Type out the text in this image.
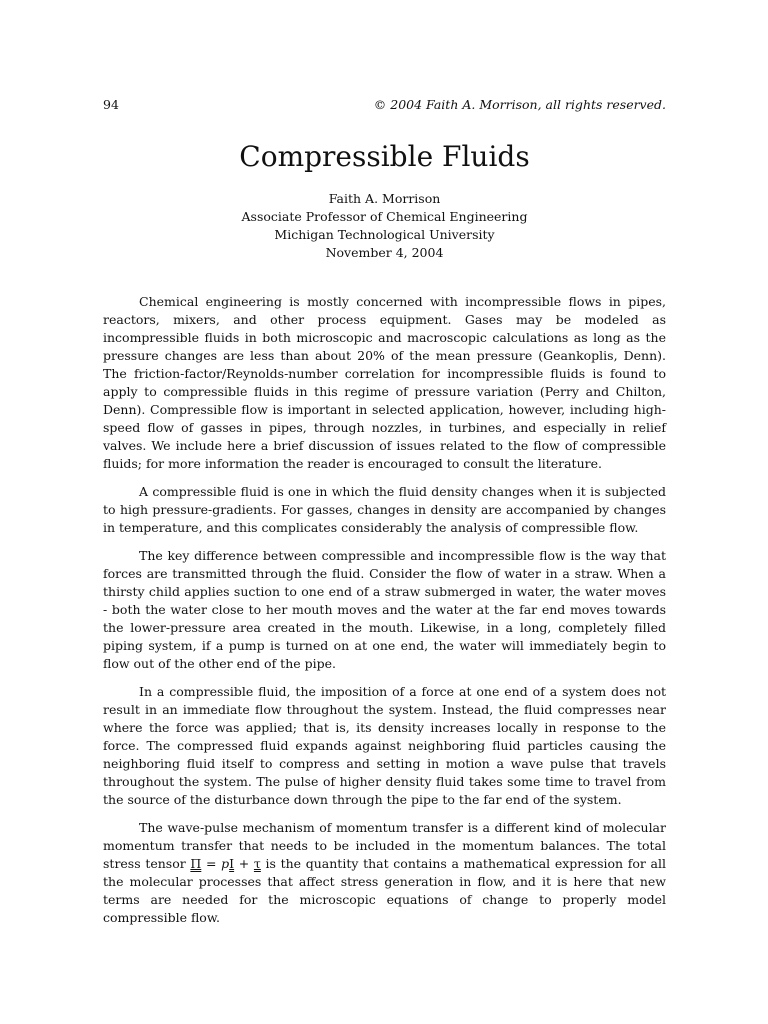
94	© 2004 Faith A. Morrison, all rights reserved.
Compressible Fluids
Faith A. Morrison
Associate Professor of Chemical Engineering
Michigan Technological University
November 4, 2004

Chemical engineering is mostly concerned with incompressible flows in pipes, reactors, mixers, and other process equipment. Gases may be modeled as incompressible fluids in both microscopic and macroscopic calculations as long as the pressure changes are less than about 20% of the mean pressure (Geankoplis, Denn). The friction-factor/Reynolds-number correlation for incompressible fluids is found to apply to compressible fluids in this regime of pressure variation (Perry and Chilton, Denn). Compressible flow is important in selected application, however, including high-speed flow of gasses in pipes, through nozzles, in turbines, and especially in relief valves. We include here a brief discussion of issues related to the flow of compressible fluids; for more information the reader is encouraged to consult the literature.

A compressible fluid is one in which the fluid density changes when it is subjected to high pressure-gradients. For gasses, changes in density are accompanied by changes in temperature, and this complicates considerably the analysis of compressible flow.

The key difference between compressible and incompressible flow is the way that forces are transmitted through the fluid. Consider the flow of water in a straw. When a thirsty child applies suction to one end of a straw submerged in water, the water moves - both the water close to her mouth moves and the water at the far end moves towards the lower-pressure area created in the mouth. Likewise, in a long, completely filled piping system, if a pump is turned on at one end, the water will immediately begin to flow out of the other end of the pipe.

In a compressible fluid, the imposition of a force at one end of a system does not result in an immediate flow throughout the system. Instead, the fluid compresses near where the force was applied; that is, its density increases locally in response to the force. The compressed fluid expands against neighboring fluid particles causing the neighboring fluid itself to compress and setting in motion a wave pulse that travels throughout the system. The pulse of higher density fluid takes some time to travel from the source of the disturbance down through the pipe to the far end of the system.

The wave-pulse mechanism of momentum transfer is a different kind of molecular momentum transfer that needs to be included in the momentum balances. The total stress tensor Π = pI + τ is the quantity that contains a mathematical expression for all the molecular processes that affect stress generation in flow, and it is here that new terms are needed for the microscopic equations of change to properly model compressible flow.
